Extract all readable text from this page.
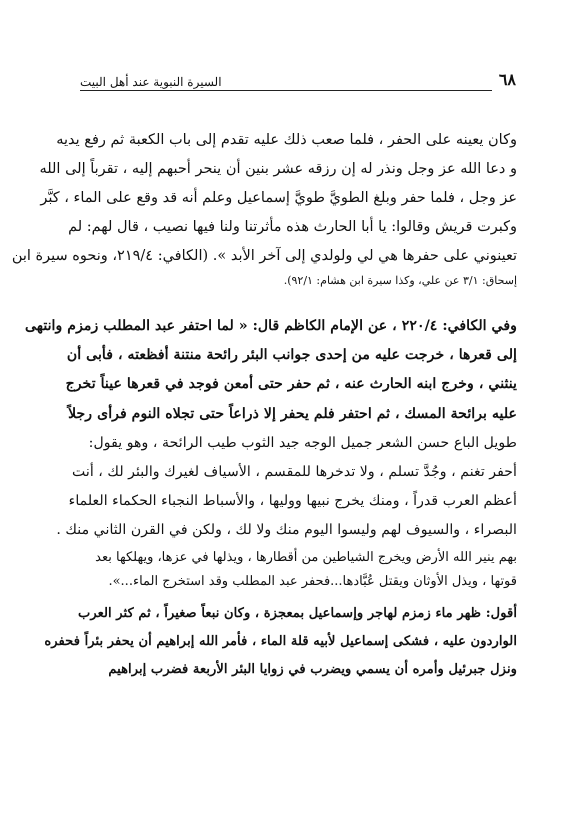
٦٨
السيرة النبوية عند أهل البيت
وكان يعينه على الحفر ، فلما صعب ذلك عليه تقدم إلى باب الكعبة ثم رفع يديه
و دعا الله عز وجل ونذر له إن رزقه عشر بنين أن ينحر أحبهم إليه ، تقرباً إلى الله
عز وجل ، فلما حفر وبلغ الطويَّ طويَّ إسماعيل وعلم أنه قد وقع على الماء ، كبَّر
وكبرت قريش وقالوا: يا أبا الحارث هذه مأثرتنا ولنا فيها نصيب ، قال لهم: لم
تعينوني على حفرها هي لي ولولدي إلى آخر الأبد ». (الكافي: ٢١٩/٤، ونحوه سيرة ابن
إسحاق: ٣/١ عن علي، وكذا سيرة ابن هشام: ٩٢/١).
وفي الكافي: ٢٢٠/٤ ، عن الإمام الكاظم قال: « لما احتفر عبد المطلب زمزم وانتهى
إلى قعرها ، خرجت عليه من إحدى جوانب البئر رائحة منتنة أفظعته ، فأبى أن
ينثني ، وخرج ابنه الحارث عنه ، ثم حفر حتى أمعن فوجد في قعرها عيناً تخرج
عليه برائحة المسك ، ثم احتفر فلم يحفر إلا ذراعاً حتى تجلاه النوم فرأى رجلاً
طويل الباع حسن الشعر جميل الوجه جيد الثوب طيب الرائحة ، وهو يقول:
أحفر تغنم ، وجُدَّ تسلم ، ولا تدخرها للمقسم ، الأسياف لغيرك والبئر لك ، أنت
أعظم العرب قدراً ، ومنك يخرج نبيها ووليها ، والأسباط النجباء الحكماء العلماء
البصراء ، والسيوف لهم وليسوا اليوم منك ولا لك ، ولكن في القرن الثاني منك .
بهم ينير الله الأرض ويخرج الشياطين من أقطارها ، ويذلها في عزها، ويهلكها بعد
قوتها ، ويذل الأوثان ويقتل عُبَّادها...فحفر عبد المطلب وقد استخرج الماء...».
أقول: ظهر ماء زمزم لهاجر وإسماعيل بمعجزة ، وكان نبعاً صغيراً ، ثم كثر العرب
الواردون عليه ، فشكى إسماعيل لأبيه قلة الماء ، فأمر الله إبراهيم أن يحفر بئراً فحفره
ونزل جبرئيل وأمره أن يسمي ويضرب في زوايا البئر الأربعة فضرب إبراهيم
